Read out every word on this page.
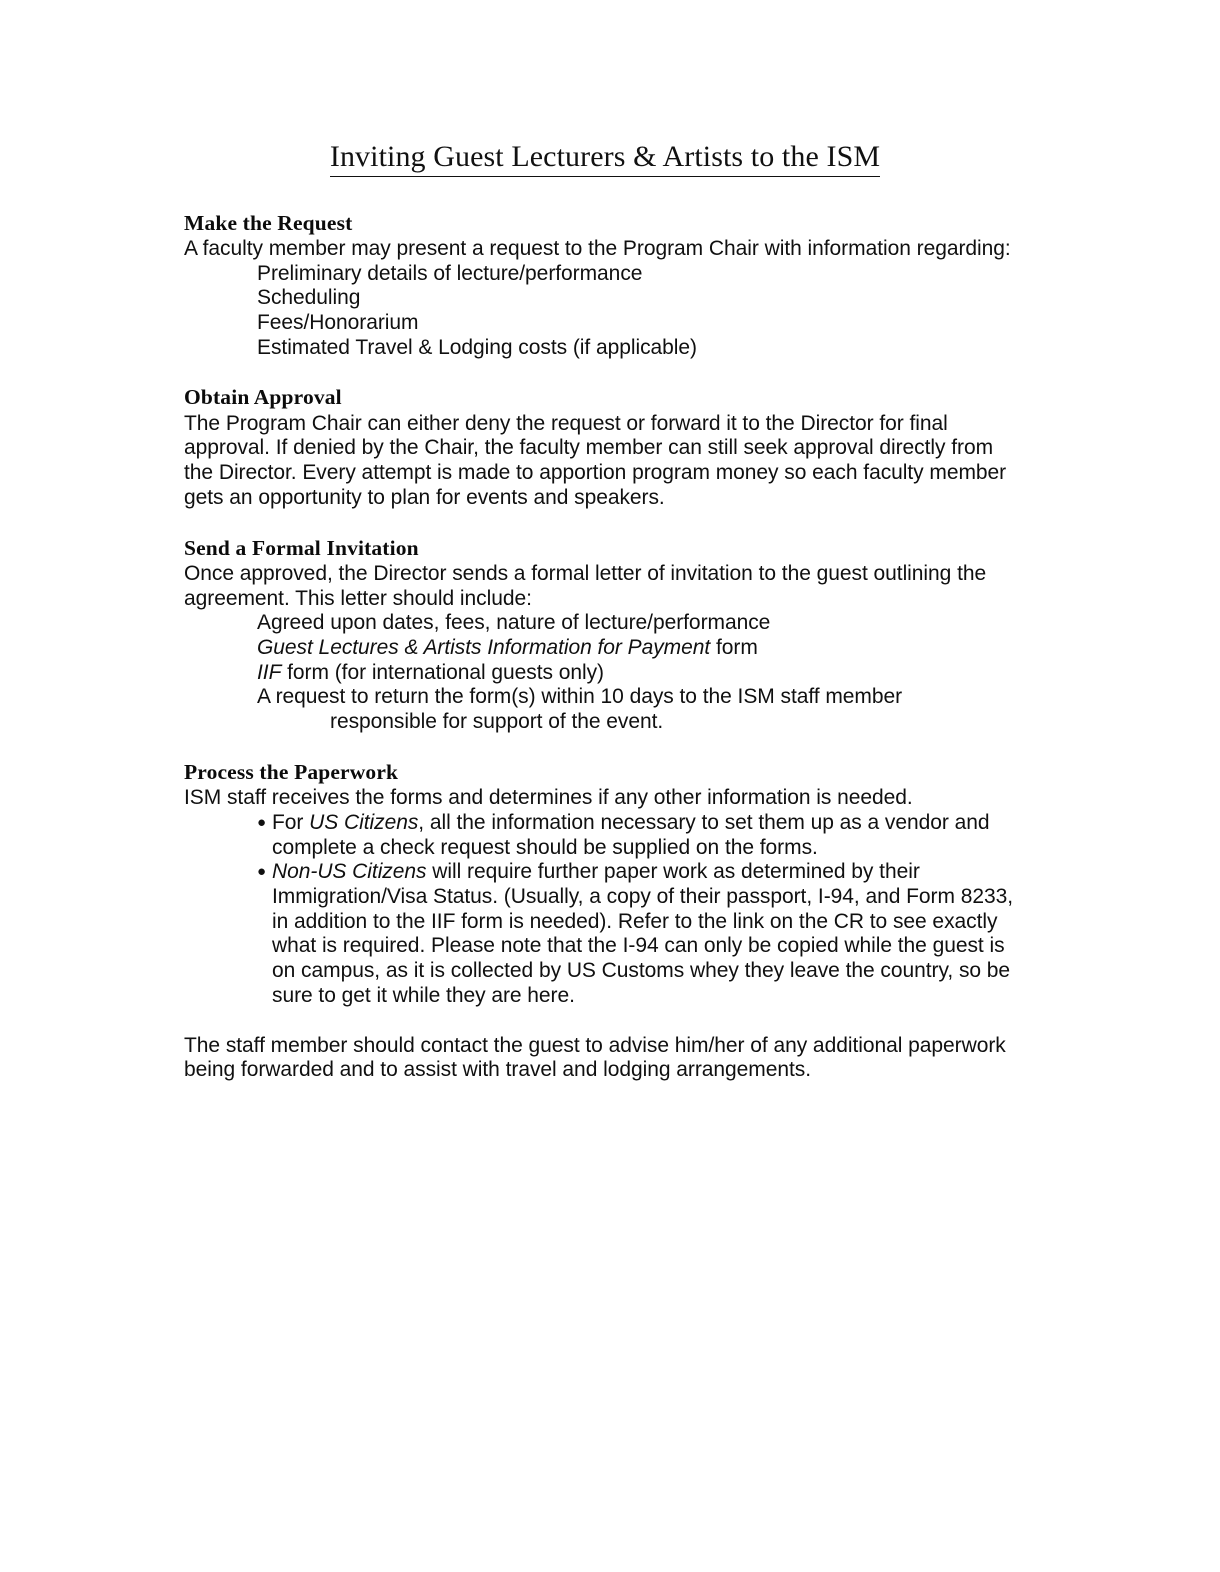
Inviting Guest Lecturers & Artists to the ISM
Make the Request

A faculty member may present a request to the Program Chair with information regarding:

Preliminary details of lecture/performance
Scheduling
Fees/Honorarium
Estimated Travel & Lodging costs (if applicable)
Obtain Approval

The Program Chair can either deny the request or forward it to the Director for final approval. If denied by the Chair, the faculty member can still seek approval directly from the Director. Every attempt is made to apportion program money so each faculty member gets an opportunity to plan for events and speakers.

Send a Formal Invitation

Once approved, the Director sends a formal letter of invitation to the guest outlining the agreement. This letter should include:

Agreed upon dates, fees, nature of lecture/performance
Guest Lectures & Artists Information for Payment form
IIF form (for international guests only)
A request to return the form(s) within 10 days to the ISM staff member
responsible for support of the event.
Process the Paperwork

ISM staff receives the forms and determines if any other information is needed.

● For US Citizens, all the information necessary to set them up as a vendor and complete a check request should be supplied on the forms.
● Non-US Citizens will require further paper work as determined by their Immigration/Visa Status. (Usually, a copy of their passport, I-94, and Form 8233, in addition to the IIF form is needed). Refer to the link on the CR to see exactly what is required. Please note that the I-94 can only be copied while the guest is on campus, as it is collected by US Customs whey they leave the country, so be sure to get it while they are here.

The staff member should contact the guest to advise him/her of any additional paperwork being forwarded and to assist with travel and lodging arrangements.
